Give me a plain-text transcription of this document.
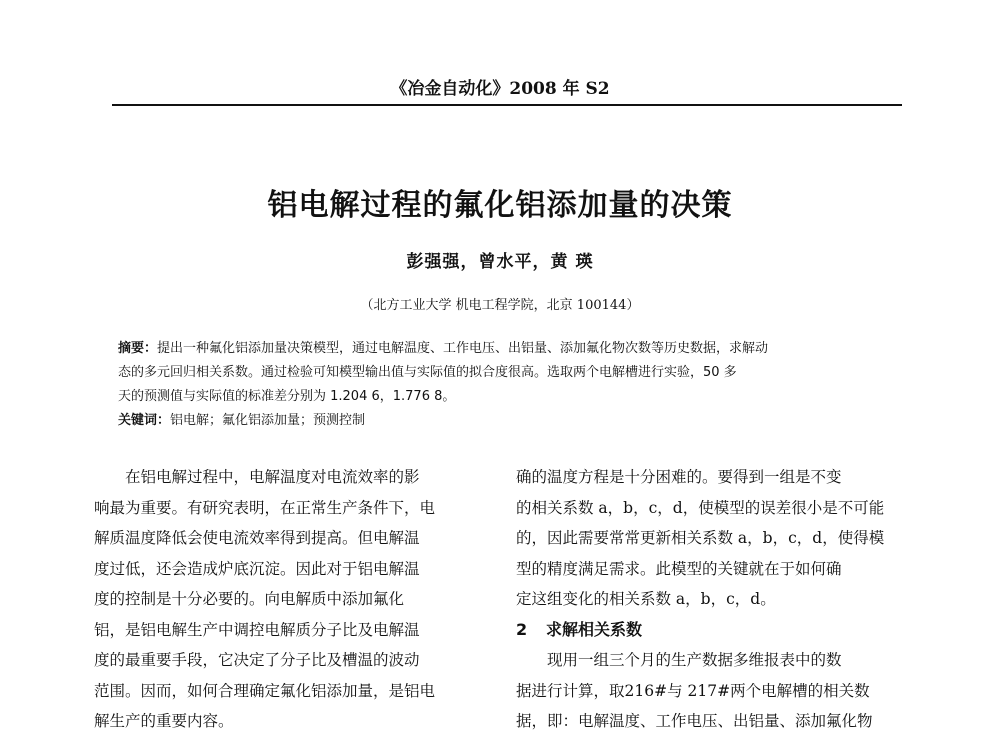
《冶金自动化》2008 年 S2
铝电解过程的氟化铝添加量的决策
彭强强，曾水平，黄 瑛
（北方工业大学 机电工程学院，北京 100144）
摘要：提出一种氟化铝添加量决策模型，通过电解温度、工作电压、出铝量、添加氟化物次数等历史数据，求解动
态的多元回归相关系数。通过检验可知模型输出值与实际值的拟合度很高。选取两个电解槽进行实验，50 多
天的预测值与实际值的标准差分别为 1.204 6，1.776 8。
关键词：铝电解；氟化铝添加量；预测控制
　　在铝电解过程中，电解温度对电流效率的影
响最为重要。有研究表明，在正常生产条件下，电
解质温度降低会使电流效率得到提高。但电解温
度过低，还会造成炉底沉淀。因此对于铝电解温
度的控制是十分必要的。向电解质中添加氟化
铝，是铝电解生产中调控电解质分子比及电解温
度的最重要手段，它决定了分子比及槽温的波动
范围。因而，如何合理确定氟化铝添加量，是铝电
解生产的重要内容。
确的温度方程是十分困难的。要得到一组是不变
的相关系数 a，b，c，d，使模型的误差很小是不可能
的，因此需要常常更新相关系数 a，b，c，d，使得模
型的精度满足需求。此模型的关键就在于如何确
定这组变化的相关系数 a，b，c，d。
2 求解相关系数
　　现用一组三个月的生产数据多维报表中的数
据进行计算，取216#与 217#两个电解槽的相关数
据，即：电解温度、工作电压、出铝量、添加氟化物
